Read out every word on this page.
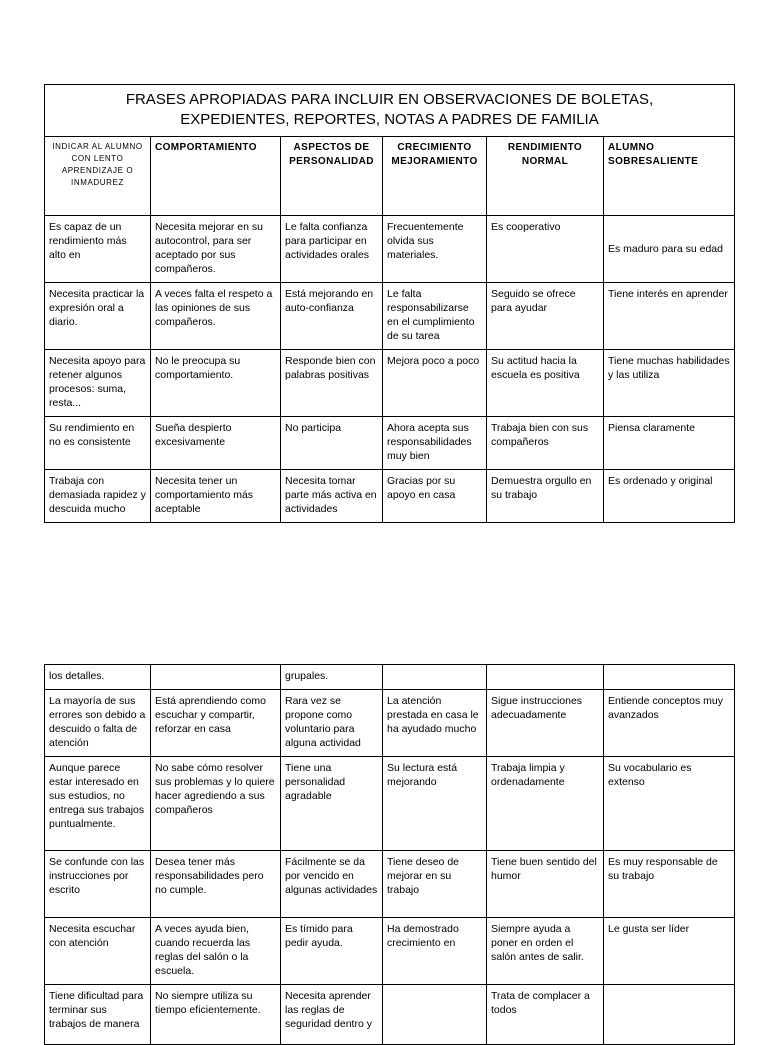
FRASES APROPIADAS PARA INCLUIR EN OBSERVACIONES DE BOLETAS,
EXPEDIENTES, REPORTES, NOTAS A PADRES DE FAMILIA					

INDICAR AL ALUMNO CON LENTO APRENDIZAJE O INMADUREZ	COMPORTAMIENTO	ASPECTOS DE PERSONALIDAD	CRECIMIENTO MEJORAMIENTO	RENDIMIENTO NORMAL	ALUMNO SOBRESALIENTE
Es capaz de un rendimiento más alto en	Necesita mejorar en su autocontrol, para ser aceptado por sus compañeros.	Le falta confianza para participar en actividades orales	Frecuentemente olvida sus materiales.	Es cooperativo	Es maduro para su edad
Necesita practicar la expresión oral a diario.	A veces falta el respeto a las opiniones de sus compañeros.	Está mejorando en auto-confianza	Le falta responsabilizarse en el cumplimiento de su tarea	Seguido se ofrece para ayudar	Tiene interés en aprender
Necesita apoyo para retener algunos procesos: suma, resta...	No le preocupa su comportamiento.	Responde bien con palabras positivas	Mejora poco a poco	Su actitud hacia la escuela es positiva	Tiene muchas habilidades y las utiliza
Su rendimiento en no es consistente	Sueña despierto excesivamente	No participa	Ahora acepta sus responsabilidades muy bien	Trabaja bien con sus compañeros	Piensa claramente
Trabaja con demasiada rapidez y descuida mucho	Necesita tener un comportamiento más aceptable	Necesita tomar parte más activa en actividades	Gracias por su apoyo en casa	Demuestra orgullo en su trabajo	Es ordenado y original
los detalles.		grupales.			
La mayoría de sus errores son debido a descuido o falta de atención	Está aprendiendo como escuchar y compartir, reforzar en casa	Rara vez se propone como voluntario para alguna actividad	La atención prestada en casa le ha ayudado mucho	Sigue instrucciones adecuadamente	Entiende conceptos muy avanzados
Aunque parece estar interesado en sus estudios, no entrega sus trabajos puntualmente.	No sabe cómo resolver sus problemas y lo quiere hacer agrediendo a sus compañeros	Tiene una personalidad agradable	Su lectura está mejorando	Trabaja limpia y ordenadamente	Su vocabulario es extenso
Se confunde con las instrucciones por escrito	Desea tener más responsabilidades pero no cumple.	Fácilmente se da por vencido en algunas actividades	Tiene deseo de mejorar en su trabajo	Tiene buen sentido del humor	Es muy responsable de su trabajo
Necesita escuchar con atención	A veces ayuda bien, cuando recuerda las reglas del salón o la escuela.	Es tímido para pedir ayuda.	Ha demostrado crecimiento en	Siempre ayuda a poner en orden el salón antes de salir.	Le gusta ser líder
Tiene dificultad para terminar sus trabajos de manera	No siempre utiliza su tiempo eficientemente.	Necesita aprender las reglas de seguridad dentro y		Trata de complacer a todos	
